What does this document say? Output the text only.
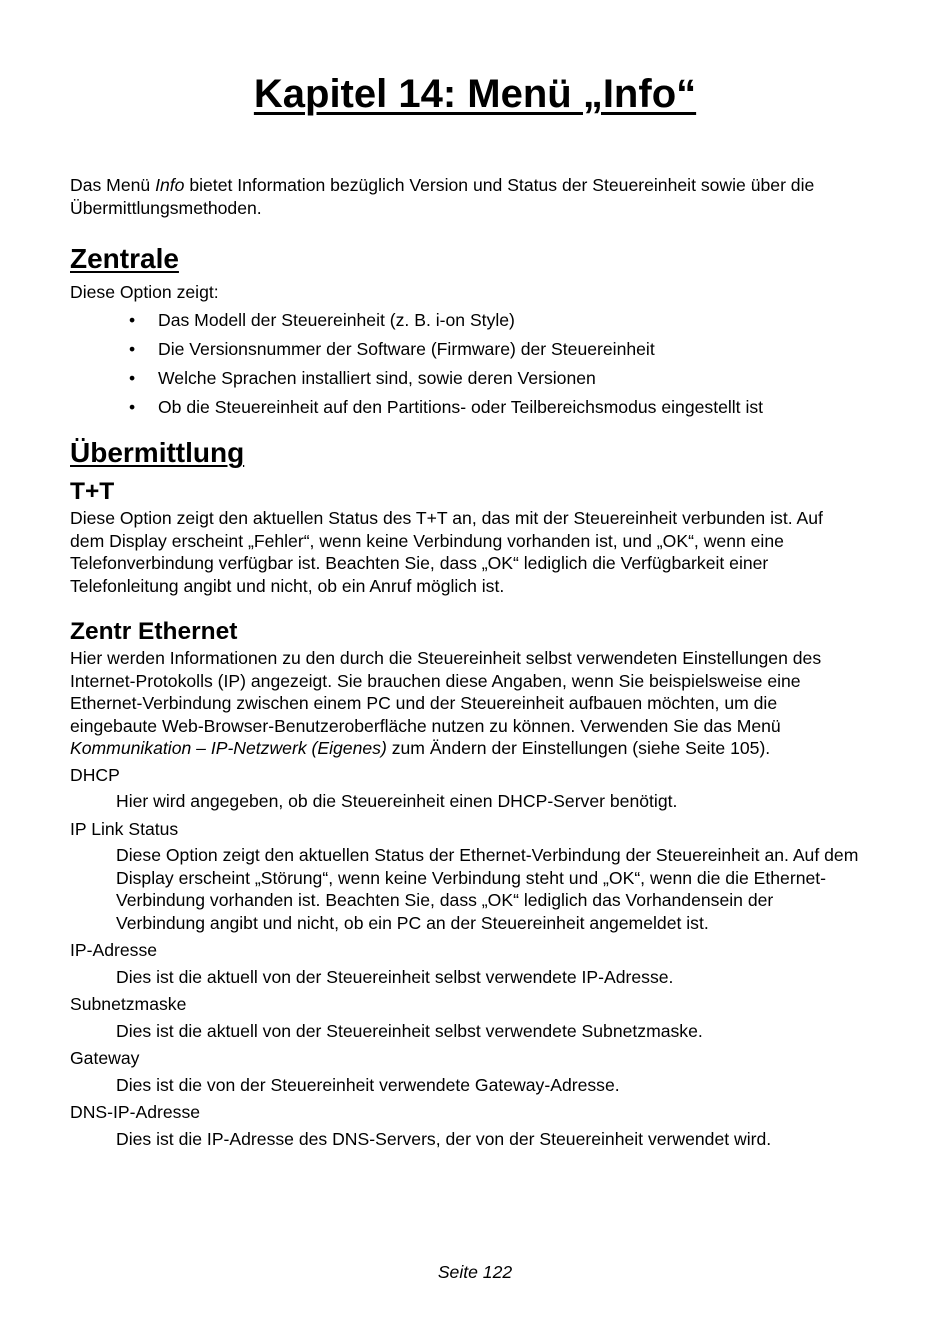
Kapitel 14: Menü „Info“

Das Menü Info bietet Information bezüglich Version und Status der Steuereinheit sowie über die Übermittlungsmethoden.

Zentrale

Diese Option zeigt:

• Das Modell der Steuereinheit (z. B. i-on Style)
• Die Versionsnummer der Software (Firmware) der Steuereinheit
• Welche Sprachen installiert sind, sowie deren Versionen
• Ob die Steuereinheit auf den Partitions- oder Teilbereichsmodus eingestellt ist
Übermittlung
T+T

Diese Option zeigt den aktuellen Status des T+T an, das mit der Steuereinheit verbunden ist. Auf dem Display erscheint „Fehler“, wenn keine Verbindung vorhanden ist, und „OK“, wenn eine Telefonverbindung verfügbar ist. Beachten Sie, dass „OK“ lediglich die Verfügbarkeit einer Telefonleitung angibt und nicht, ob ein Anruf möglich ist.

Zentr Ethernet

Hier werden Informationen zu den durch die Steuereinheit selbst verwendeten Einstellungen des Internet-Protokolls (IP) angezeigt. Sie brauchen diese Angaben, wenn Sie beispielsweise eine Ethernet-Verbindung zwischen einem PC und der Steuereinheit aufbauen möchten, um die eingebaute Web-Browser-Benutzeroberfläche nutzen zu können. Verwenden Sie das Menü Kommunikation – IP-Netzwerk (Eigenes) zum Ändern der Einstellungen (siehe Seite 105).

DHCP
Hier wird angegeben, ob die Steuereinheit einen DHCP-Server benötigt.
IP Link Status
Diese Option zeigt den aktuellen Status der Ethernet-Verbindung der Steuereinheit an. Auf dem Display erscheint „Störung“, wenn keine Verbindung steht und „OK“, wenn die die Ethernet-Verbindung vorhanden ist. Beachten Sie, dass „OK“ lediglich das Vorhandensein der Verbindung angibt und nicht, ob ein PC an der Steuereinheit angemeldet ist.
IP-Adresse
Dies ist die aktuell von der Steuereinheit selbst verwendete IP-Adresse.
Subnetzmaske
Dies ist die aktuell von der Steuereinheit selbst verwendete Subnetzmaske.
Gateway
Dies ist die von der Steuereinheit verwendete Gateway-Adresse.
DNS-IP-Adresse
Dies ist die IP-Adresse des DNS-Servers, der von der Steuereinheit verwendet wird.
Seite 122
